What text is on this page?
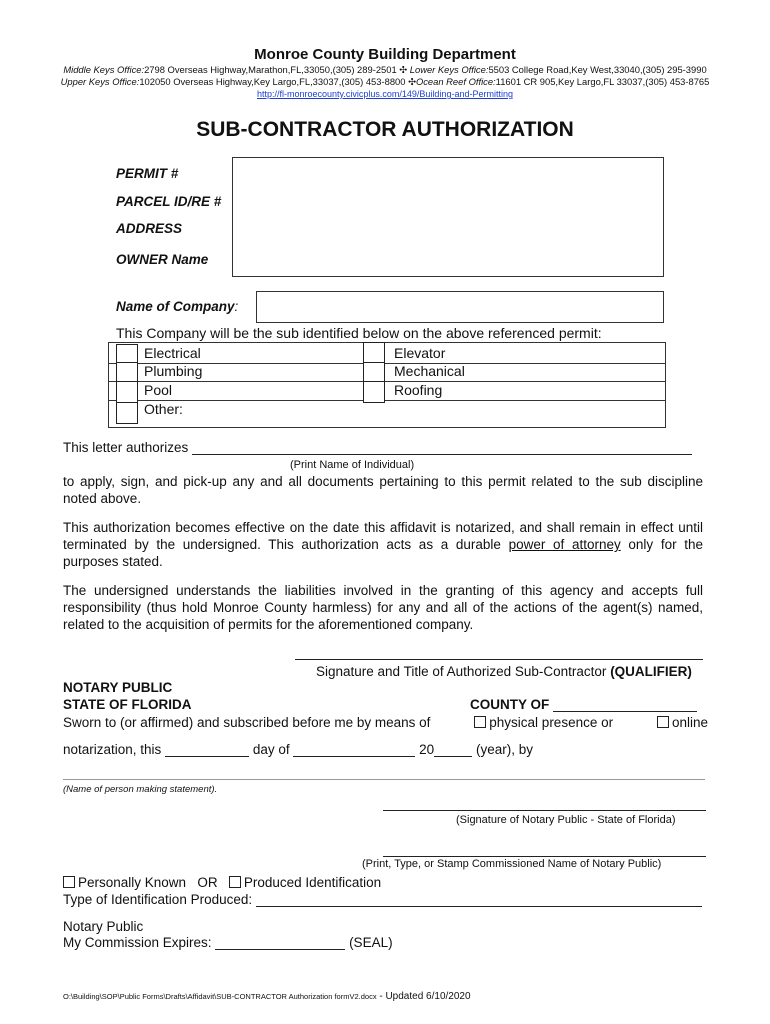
Monroe County Building Department
Middle Keys Office:2798 Overseas Highway,Marathon,FL,33050,(305) 289-2501 ✣ Lower Keys Office:5503 College Road,Key West,33040,(305) 295-3990
Upper Keys Office:102050 Overseas Highway,Key Largo,FL,33037,(305) 453-8800 ✣Ocean Reef Office:11601 CR 905,Key Largo,FL 33037,(305) 453-8765
http://fl-monroecounty.civicplus.com/149/Building-and-Permitting
SUB-CONTRACTOR AUTHORIZATION
PERMIT #
PARCEL ID/RE #
ADDRESS
OWNER Name
Name of Company:
This Company will be the sub identified below on the above referenced permit:
Electrical
Plumbing
Pool
Other:
Elevator
Mechanical
Roofing
This letter authorizes
(Print Name of Individual)
to apply, sign, and pick-up any and all documents pertaining to this permit related to the sub discipline noted above.
This authorization becomes effective on the date this affidavit is notarized, and shall remain in effect until terminated by the undersigned. This authorization acts as a durable power of attorney only for the purposes stated.
The undersigned understands the liabilities involved in the granting of this agency and accepts full responsibility (thus hold Monroe County harmless) for any and all of the actions of the agent(s) named, related to the acquisition of permits for the aforementioned company.
Signature and Title of Authorized Sub-Contractor (QUALIFIER)
NOTARY PUBLIC
STATE OF FLORIDA	COUNTY OF
Sworn to (or affirmed) and subscribed before me by means of	physical presence or	online
notarization, this	day of	20	(year), by
(Name of person making statement).
(Signature of Notary Public - State of Florida)
(Print, Type, or Stamp Commissioned Name of Notary Public)
Personally Known OR Produced Identification
Type of Identification Produced:
Notary Public
My Commission Expires:	(SEAL)
O:\Building\SOP\Public Forms\Drafts\Affidavit\SUB-CONTRACTOR Authorization formV2.docx - Updated 6/10/2020
